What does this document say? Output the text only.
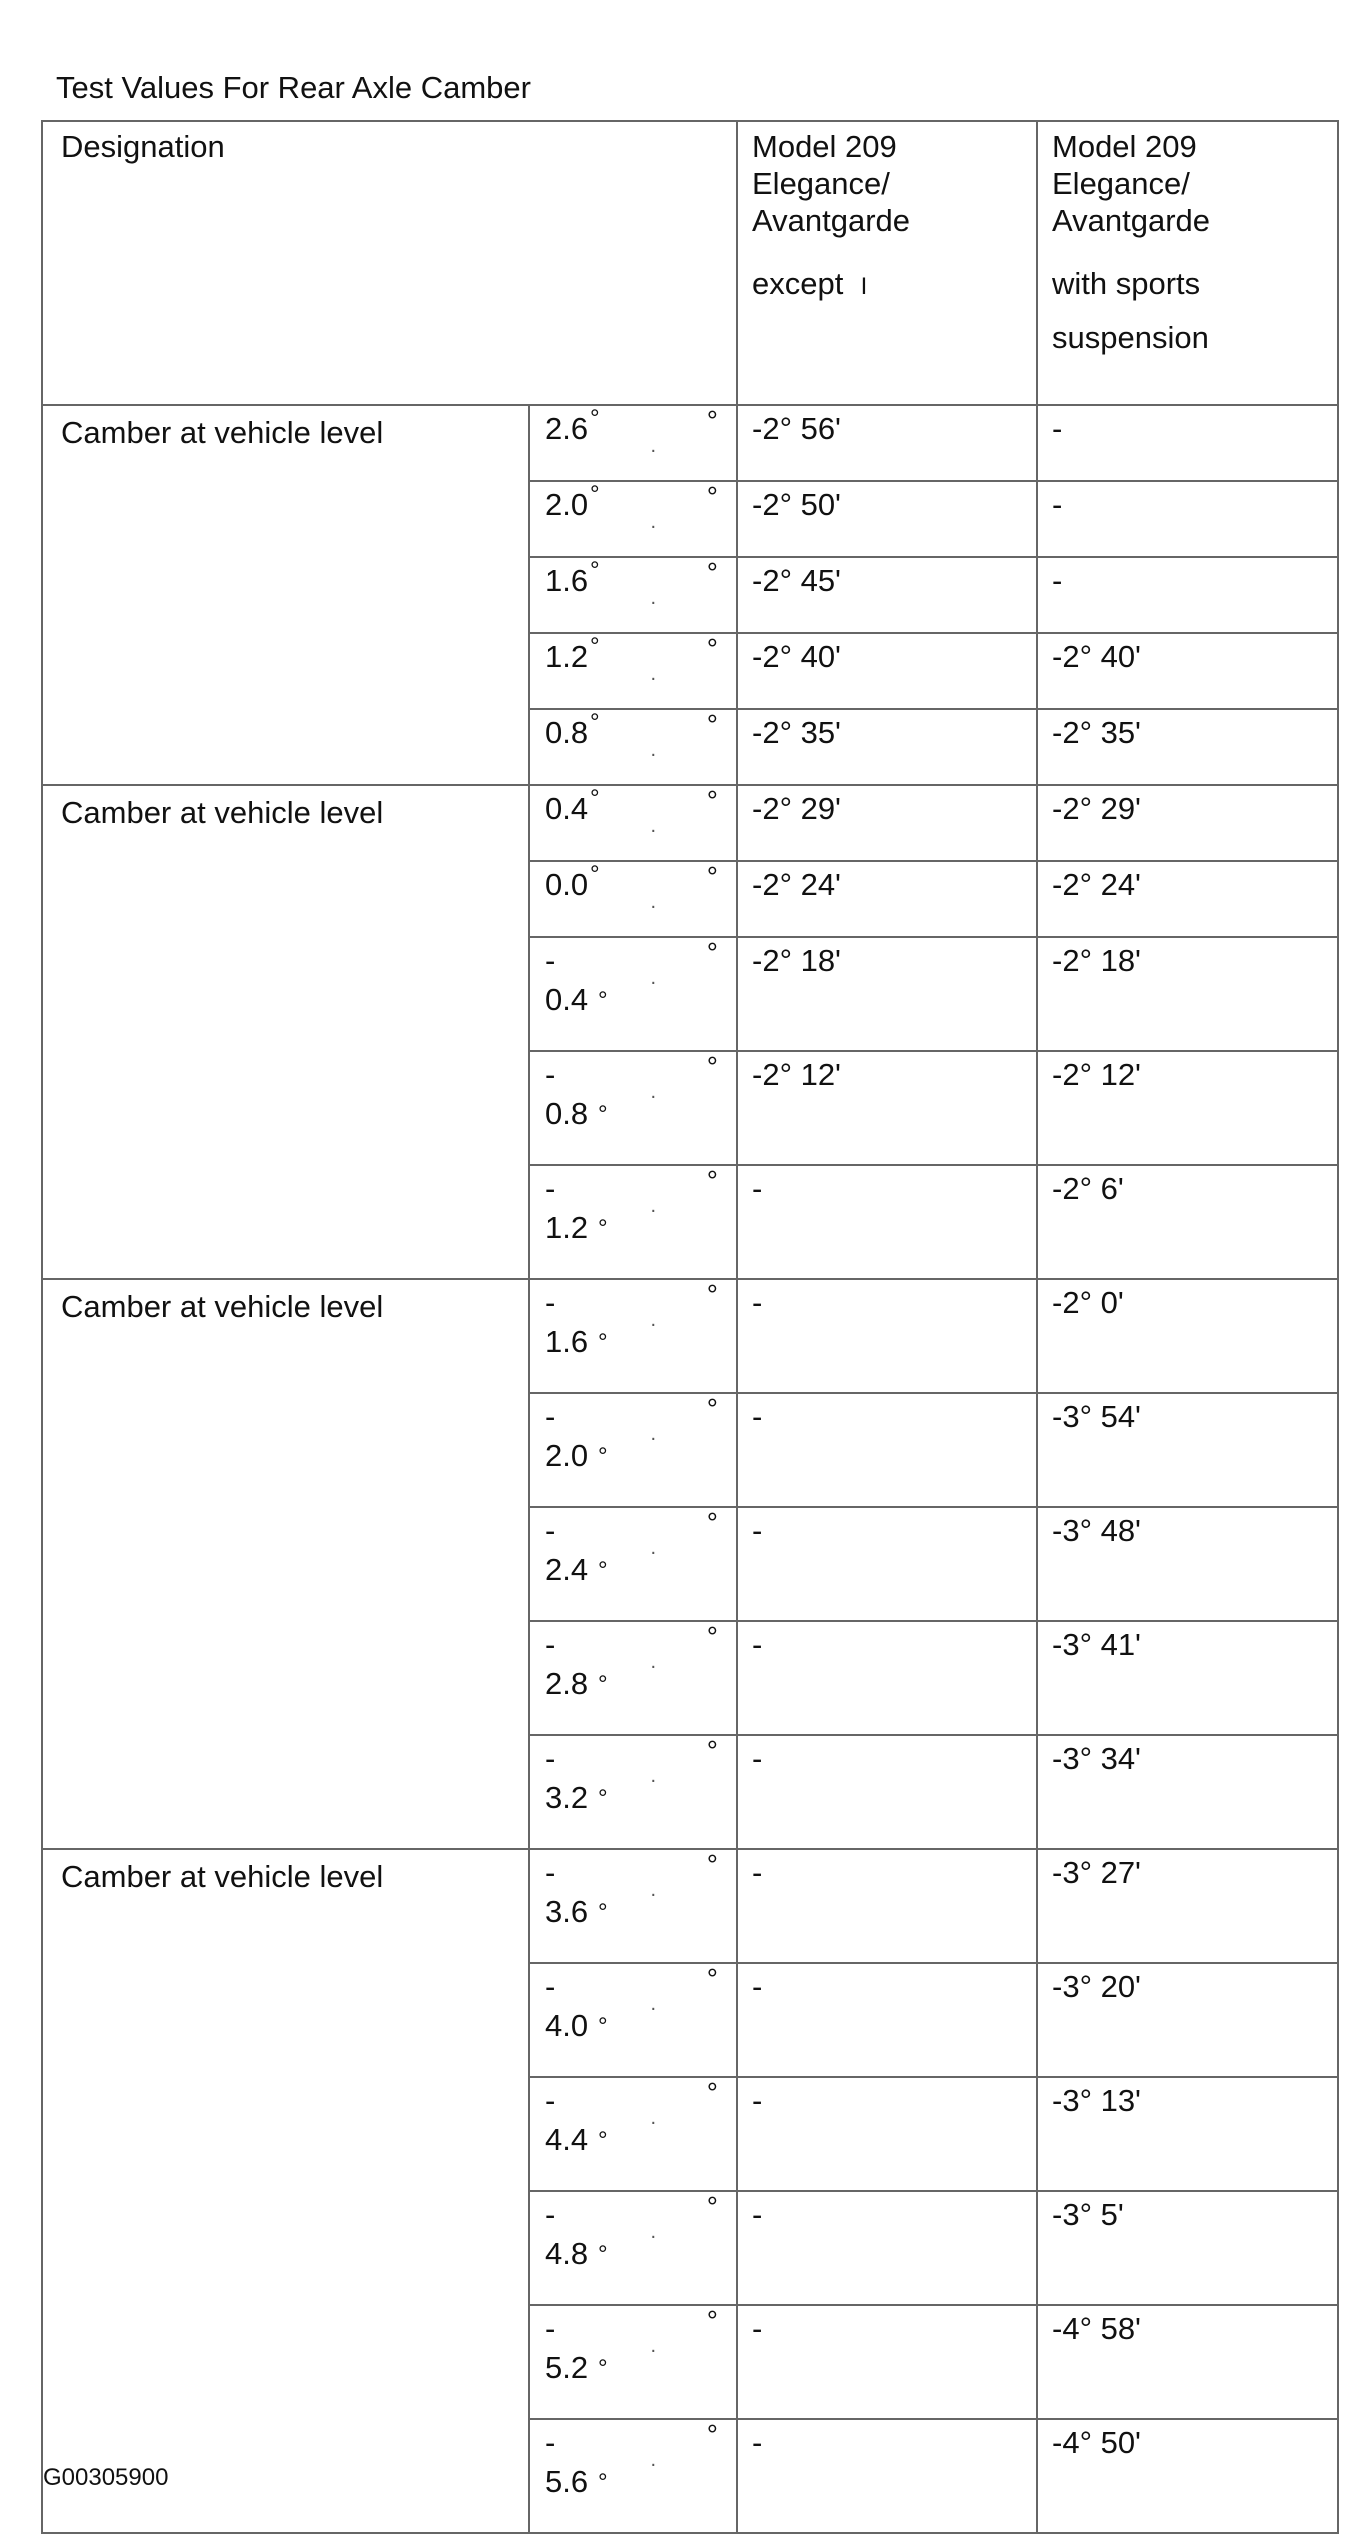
Test Values For Rear Axle Camber
Designation		Model 209
Elegance/
Avantgarde
except I	Model 209
Elegance/
Avantgarde
with sports
suspension

Camber at vehicle level	2.6 ° °
.	-2° 56'	-
	2.0 ° °
.	-2° 50'	-
	1.6 ° °
.	-2° 45'	-
	1.2 ° °
.	-2° 40'	-2° 40'
	0.8 ° °
.	-2° 35'	-2° 35'
Camber at vehicle level	0.4 ° °
.	-2° 29'	-2° 29'
	0.0 ° °
.	-2° 24'	-2° 24'

	-
0.4 °
°
.	-2° 18'	-2° 18'

	-
0.8 °
°
.	-2° 12'	-2° 12'

	-
1.2 °
°
.	-	-2° 6'
Camber at vehicle level	-
1.6 °
°
.	-	-2° 0'

	-
2.0 °
°
.	-	-3° 54'

	-
2.4 °
°
.	-	-3° 48'

	-
2.8 °
°
.	-	-3° 41'

	-
3.2 °
°
.	-	-3° 34'
Camber at vehicle level	-
3.6 °
°
.	-	-3° 27'

	-
4.0 °
°
.	-	-3° 20'

	-
4.4 °
°
.	-	-3° 13'

	-
4.8 °
°
.	-	-3° 5'

	-
5.2 °
°
.	-	-4° 58'

	-
5.6 °
°
.	-	-4° 50'
G00305900
